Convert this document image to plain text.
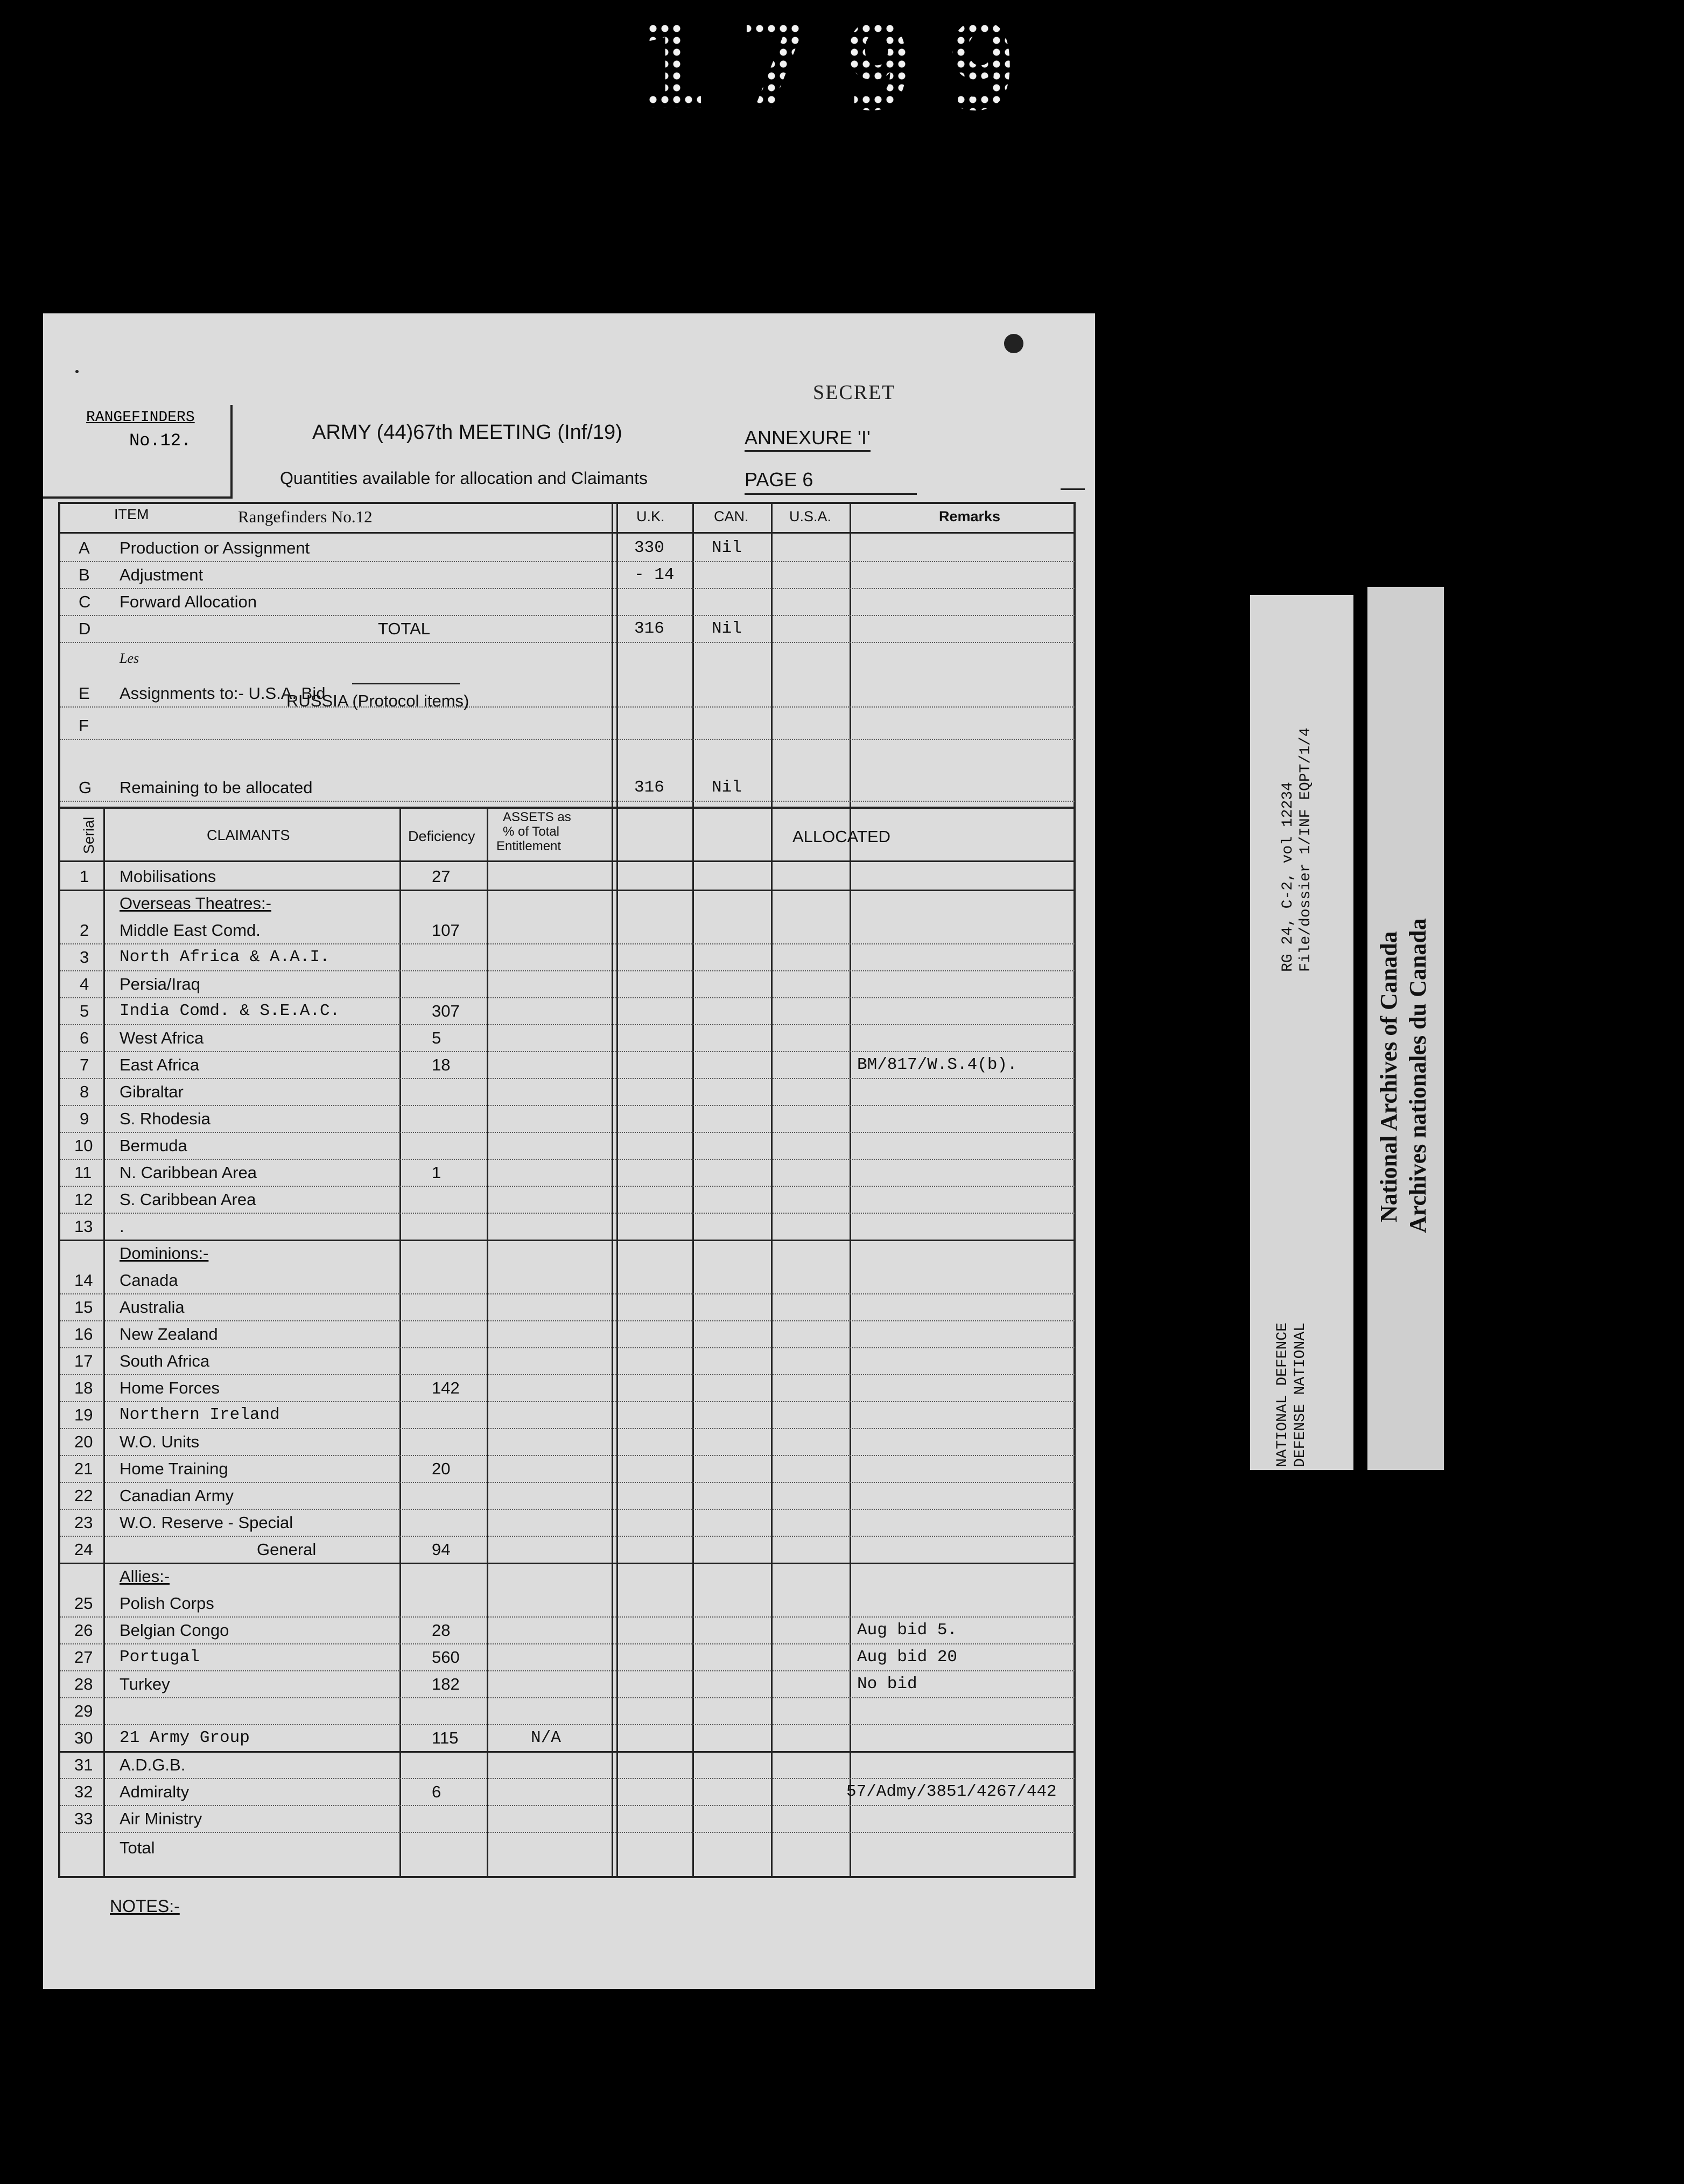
1799
SECRET
RANGEFINDERS
No.12.	ARMY (44)67th MEETING (Inf/19)	ANNEXURE 'I'
Quantities available for allocation and Claimants	PAGE 6
ITEM	Rangefinders No.12	U.K.	CAN.	U.S.A.	Remarks
A Production or Assignment	330	Nil
B Adjustment	- 14
C Forward Allocation
D	TOTAL	316	Nil
E Assignments to:- U.S.A. Bid
F
G Remaining to be allocated	316	Nil
Les
RUSSIA (Protocol items)
Serial	CLAIMANTS	Deficiency
ASSETS as
% of Total
Entitlement
ALLOCATED
1 Mobilisations	27
Overseas Theatres:-
2 Middle East Comd.	107
3 North Africa & A.A.I.
4 Persia/Iraq
5 India Comd. & S.E.A.C.	307
6 West Africa	5
7 East Africa	18	BM/817/W.S.4(b).
8 Gibraltar
9 S. Rhodesia
10 Bermuda
11 N. Caribbean Area	1
12 S. Caribbean Area
13 .
Dominions:-
14 Canada
15 Australia
16 New Zealand
17 South Africa
18 Home Forces	142
19 Northern Ireland
20 W.O. Units
21 Home Training	20
22 Canadian Army
23 W.O. Reserve - Special
24	General	94
Allies:-
25 Polish Corps
26 Belgian Congo	28	Aug bid 5.
27 Portugal	560	Aug bid 20
28 Turkey	182	No bid
29
30 21 Army Group	115	N/A
31 A.D.G.B.
32 Admiralty	6	57/Admy/3851/4267/442
33 Air Ministry
Total
NOTES:-
RG 24, C-2, vol 12234 File/dossier 1/INF EQPT/1/4
NATIONAL DEFENCE DEFENSE NATIONAL
National Archives of Canada Archives nationales du Canada
